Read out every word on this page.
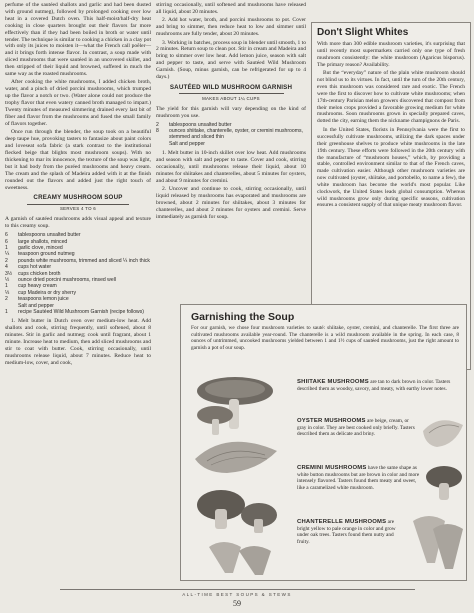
perfume of the sautéed shallots and garlic and had been dusted with ground nutmeg), followed by prolonged cooking over low heat in a covered Dutch oven. This half-moist/half-dry heat cooking in close quarters brought out their flavors far more effectively than if they had been boiled in broth or water until tender. The technique is similar to cooking a chicken in a clay pot with only its juices to moisten it—what the French call poêler—and it brings forth intense flavor. In contrast, a soup made with sliced mushrooms that were sautéed in an uncovered skillet, and then stripped of their liquid and browned, suffered in much the same way as the roasted mushrooms.

After cooking the white mushrooms, I added chicken broth, water, and a pinch of dried porcini mushrooms, which trumped up the flavor a notch or two. (Water alone could not produce the trophy flavor that even watery canned broth managed to impart.) Twenty minutes of measured simmering drained every last bit of fiber and flavor from the mushrooms and fused the small family of flavors together.

Once run through the blender, the soup took on a beautiful deep taupe hue, provoking tasters to fantasize about paint colors and loveseat sofa fabric (a stark contrast to the institutional flecked beige that blights most mushroom soups). With no thickening to mar its innocence, the texture of the soup was light, but it had body from the puréed mushrooms and heavy cream. The cream and the splash of Madeira added with it at the finish rounded out the flavors and added just the right touch of sweetness.

CREAMY MUSHROOM SOUP
SERVES 4 TO 6

A garnish of sautéed mushrooms adds visual appeal and texture to this creamy soup.

6	tablespoons unsalted butter
6	large shallots, minced
1	garlic clove, minced
¼	teaspoon ground nutmeg
2	pounds white mushrooms, trimmed and sliced ¼ inch thick
4	cups hot water
3½	cups chicken broth
½	ounce dried porcini mushrooms, rinsed well
1	cup heavy cream
⅓	cup Madeira or dry sherry
2	teaspoons lemon juice
Salt and pepper
1	recipe Sautéed Wild Mushroom Garnish (recipe follows)

1. Melt butter in Dutch oven over medium-low heat. Add shallots and cook, stirring frequently, until softened, about 8 minutes. Stir in garlic and nutmeg; cook until fragrant, about 1 minute. Increase heat to medium, then add sliced mushrooms and stir to coat with butter. Cook, stirring occasionally, until mushrooms release liquid, about 7 minutes. Reduce heat to medium-low, cover, and cook,

stirring occasionally, until softened and mushrooms have released all liquid, about 20 minutes.

2. Add hot water, broth, and porcini mushrooms to pot. Cover and bring to simmer, then reduce heat to low and simmer until mushrooms are fully tender, about 20 minutes.

3. Working in batches, process soup in blender until smooth, 1 to 2 minutes. Return soup to clean pot. Stir in cream and Madeira and bring to simmer over low heat. Add lemon juice, season with salt and pepper to taste, and serve with Sautéed Wild Mushroom Garnish. (Soup, minus garnish, can be refrigerated for up to 4 days.)

SAUTÉED WILD MUSHROOM GARNISH
MAKES ABOUT 1¼ CUPS

The yield for this garnish will vary depending on the kind of mushroom you use.

2	tablespoons unsalted butter
8	ounces shiitake, chanterelle, oyster, or cremini mushrooms, stemmed and sliced thin
Salt and pepper

1. Melt butter in 10-inch skillet over low heat. Add mushrooms and season with salt and pepper to taste. Cover and cook, stirring occasionally, until mushrooms release their liquid, about 10 minutes for shiitakes and chanterelles, about 5 minutes for oysters, and about 9 minutes for cremini.

2. Uncover and continue to cook, stirring occasionally, until liquid released by mushrooms has evaporated and mushrooms are browned, about 2 minutes for shiitakes, about 3 minutes for chanterelles, and about 2 minutes for oysters and cremini. Serve immediately as garnish for soup.

Don't Slight Whites

With more than 300 edible mushroom varieties, it's surprising that until recently most supermarkets carried only one type of fresh mushroom consistently: the white mushroom (Agaricus bisporus). The primary reason? Availability.

But the “everyday” nature of the plain white mushroom should not blind us to its virtues. In fact, until the turn of the 20th century, even this mushroom was considered rare and exotic. The French were the first to discover how to cultivate white mushrooms; when 17th-century Parisian melon growers discovered that compost from their melon crops provided a favorable growing medium for white mushrooms. Soon mushrooms grown in specially prepared caves, dotted the city, earning them the nickname champignons de Paris.

In the United States, florists in Pennsylvania were the first to successfully cultivate mushrooms, utilizing the dark spaces under their greenhouse shelves to produce white mushrooms in the late 19th century. These efforts were followed in the 20th century with the manufacture of “mushroom houses,” which, by providing a stable, controlled environment similar to that of the French caves, made cultivation easier. Although other mushroom varieties are now cultivated (oyster, shiitake, and portobello, to name a few), the white mushroom has become the world's most popular. Like clockwork, the United States leads global consumption. Whereas wild mushrooms grow only during specific seasons, cultivation ensures a consistent supply of that unique meaty mushroom flavor.

Garnishing the Soup
For our garnish, we chose four mushroom varieties to sauté: shiitake, oyster, cremini, and chanterelle. The first three are cultivated mushrooms available year-round. The chanterelle is a wild mushroom available in the spring. In each case, 8 ounces of untrimmed, uncooked mushrooms yielded between 1 and 1½ cups of sautéed mushrooms, just the right amount to garnish a pot of our soup.
SHIITAKE MUSHROOMS are tan to dark brown in color. Tasters described them as woodsy, savory, and meaty, with earthy lower notes.
OYSTER MUSHROOMS are beige, cream, or gray in color. They are best cooked only briefly. Tasters described them as delicate and briny.
CREMINI MUSHROOMS have the same shape as white button mushrooms but are brown in color and more intensely flavored. Tasters found them meaty and sweet, like a caramelized white mushroom.
CHANTERELLE MUSHROOMS are bright yellow to pale orange in color and grow under oak trees. Tasters found them nutty and fruity.
ALL-TIME BEST SOUPS & STEWS
59
